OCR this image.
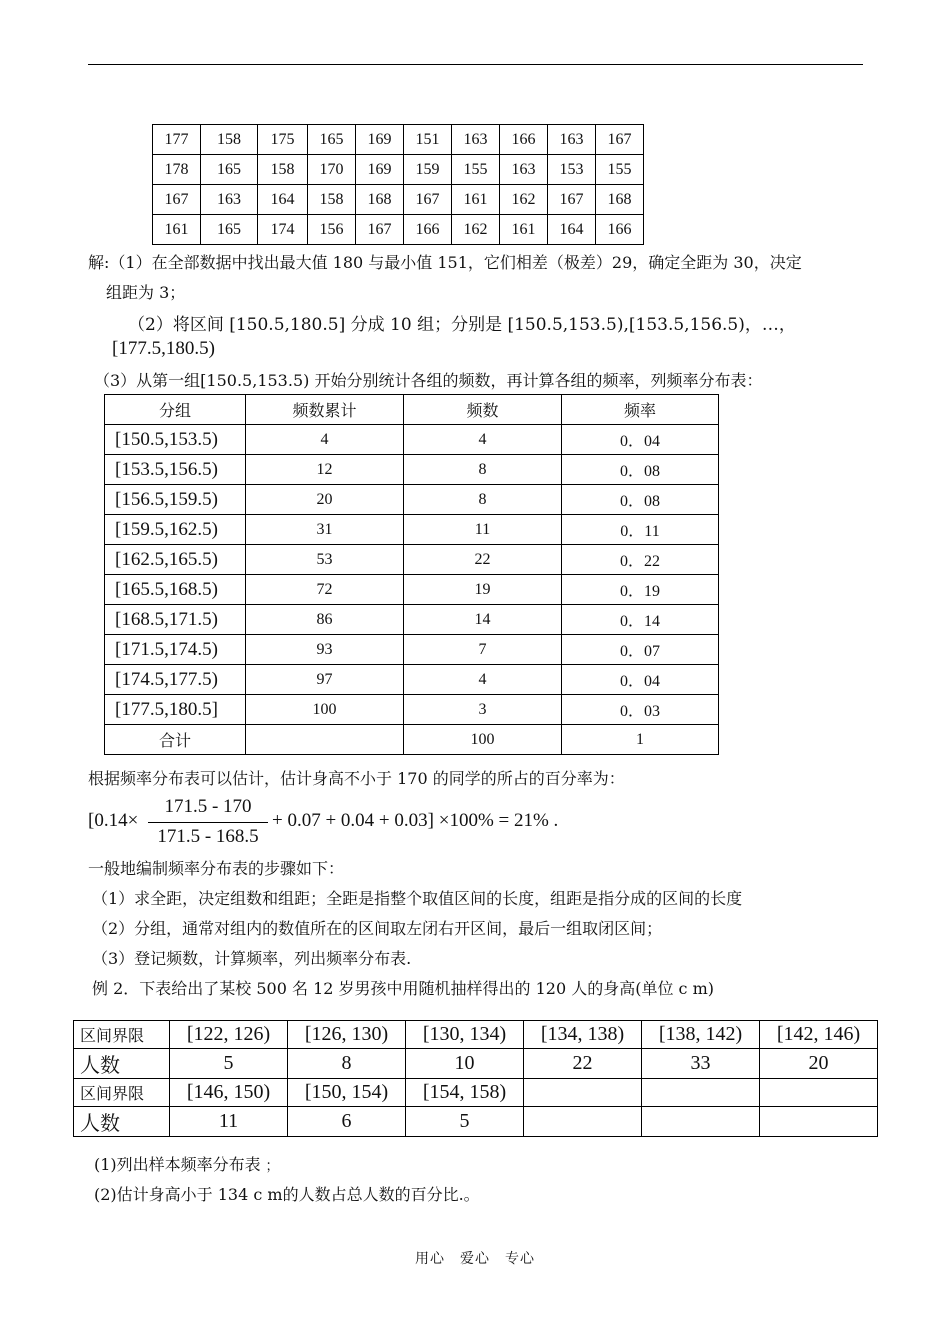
177	158	175	165	169	151	163	166	163	167
178	165	158	170	169	159	155	163	153	155
167	163	164	158	168	167	161	162	167	168
161	165	174	156	167	166	162	161	164	166
解:（1）在全部数据中找出最大值 180 与最小值 151，它们相差（极差）29，确定全距为 30，决定
组距为 3；
（2）将区间 [150.5,180.5] 分成 10 组；分别是 [150.5,153.5),[153.5,156.5)，…，
[177.5,180.5)
（3）从第一组[150.5,153.5) 开始分别统计各组的频数，再计算各组的频率，列频率分布表：
分组	频数累计	频数	频率
[150.5,153.5)	4	4	0．04
[153.5,156.5)	12	8	0．08
[156.5,159.5)	20	8	0．08
[159.5,162.5)	31	11	0．11
[162.5,165.5)	53	22	0．22
[165.5,168.5)	72	19	0．19
[168.5,171.5)	86	14	0．14
[171.5,174.5)	93	7	0．07
[174.5,177.5)	97	4	0．04
[177.5,180.5]	100	3	0．03
合计		100	1
根据频率分布表可以估计，估计身高不小于 170 的同学的所占的百分率为：
[0.14×
171.5 - 170
171.5 - 168.5
+ 0.07 + 0.04 + 0.03] ×100% = 21% .
一般地编制频率分布表的步骤如下：
（1）求全距，决定组数和组距；全距是指整个取值区间的长度，组距是指分成的区间的长度
（2）分组，通常对组内的数值所在的区间取左闭右开区间，最后一组取闭区间；
（3）登记频数，计算频率，列出频率分布表.
例 2．下表给出了某校 500 名 12 岁男孩中用随机抽样得出的 120 人的身高(单位 c m)
区间界限	[122, 126)	[126, 130)	[130, 134)	[134, 138)	[138, 142)	[142, 146)
人数	5	8	10	22	33	20
区间界限	[146, 150)	[150, 154)	[154, 158)			
人数	11	6	5			
(1)列出样本频率分布表﹔
(2)估计身高小于 134 c m的人数占总人数的百分比.。
用心　爱心　专心
